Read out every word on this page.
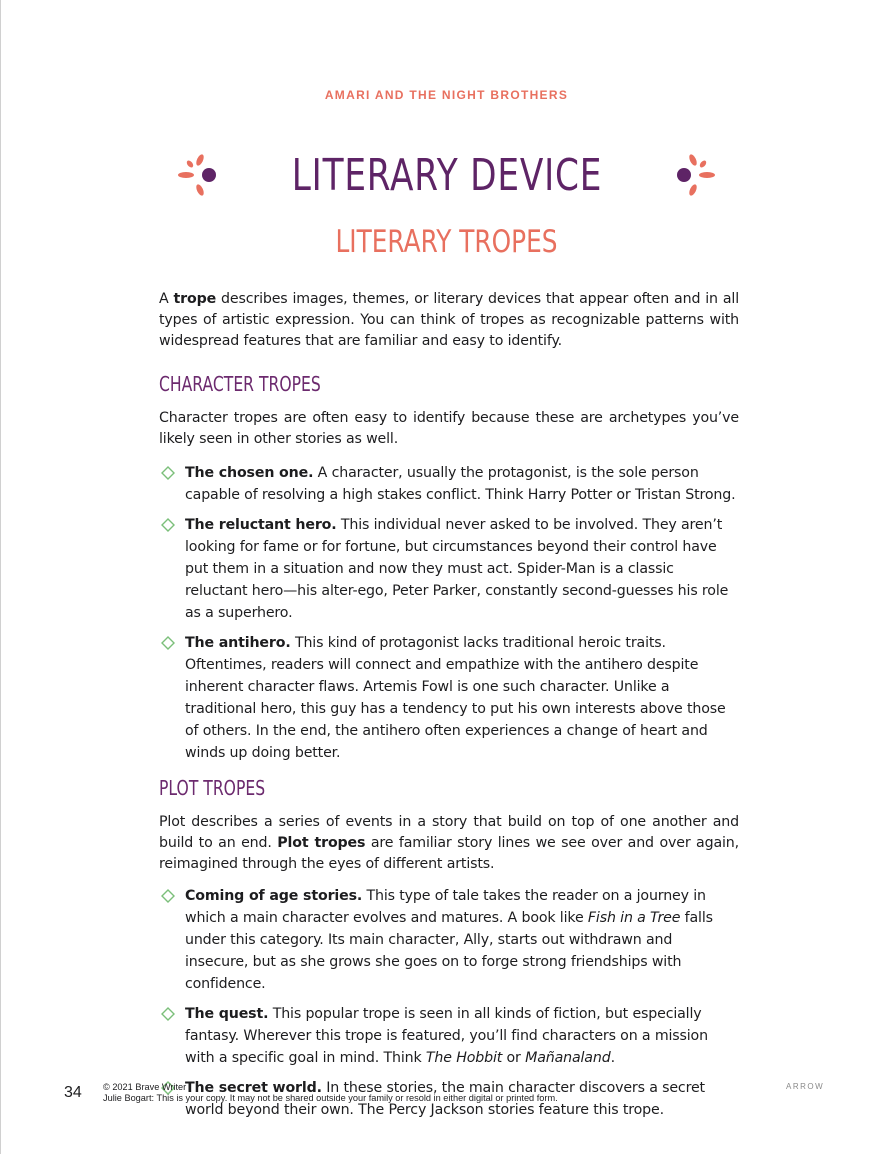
AMARI AND THE NIGHT BROTHERS
LITERARY DEVICE
LITERARY TROPES

A trope describes images, themes, or literary devices that appear often and in all types of artistic expression. You can think of tropes as recognizable patterns with widespread features that are familiar and easy to identify.

CHARACTER TROPES

Character tropes are often easy to identify because these are archetypes you’ve likely seen in other stories as well.

The chosen one. A character, usually the protagonist, is the sole person capable of resolving a high stakes conflict. Think Harry Potter or Tristan Strong.
The reluctant hero. This individual never asked to be involved. They aren’t looking for fame or for fortune, but circumstances beyond their control have put them in a situation and now they must act. Spider-Man is a classic reluctant hero—his alter-ego, Peter Parker, constantly second-guesses his role as a superhero.
The antihero. This kind of protagonist lacks traditional heroic traits. Oftentimes, readers will connect and empathize with the antihero despite inherent character flaws. Artemis Fowl is one such character. Unlike a traditional hero, this guy has a tendency to put his own interests above those of others. In the end, the antihero often experiences a change of heart and winds up doing better.
PLOT TROPES

Plot describes a series of events in a story that build on top of one another and build to an end. Plot tropes are familiar story lines we see over and over again, reimagined through the eyes of different artists.

Coming of age stories. This type of tale takes the reader on a journey in which a main character evolves and matures. A book like Fish in a Tree falls under this category. Its main character, Ally, starts out withdrawn and insecure, but as she grows she goes on to forge strong friendships with confidence.
The quest. This popular trope is seen in all kinds of fiction, but especially fantasy. Wherever this trope is featured, you’ll find characters on a mission with a specific goal in mind. Think The Hobbit or Mañanaland.
The secret world. In these stories, the main character discovers a secret world beyond their own. The Percy Jackson stories feature this trope.
34 © 2021 Brave Writer
Julie Bogart: This is your copy. It may not be shared outside your family or resold in either digital or printed form.
ARROW
